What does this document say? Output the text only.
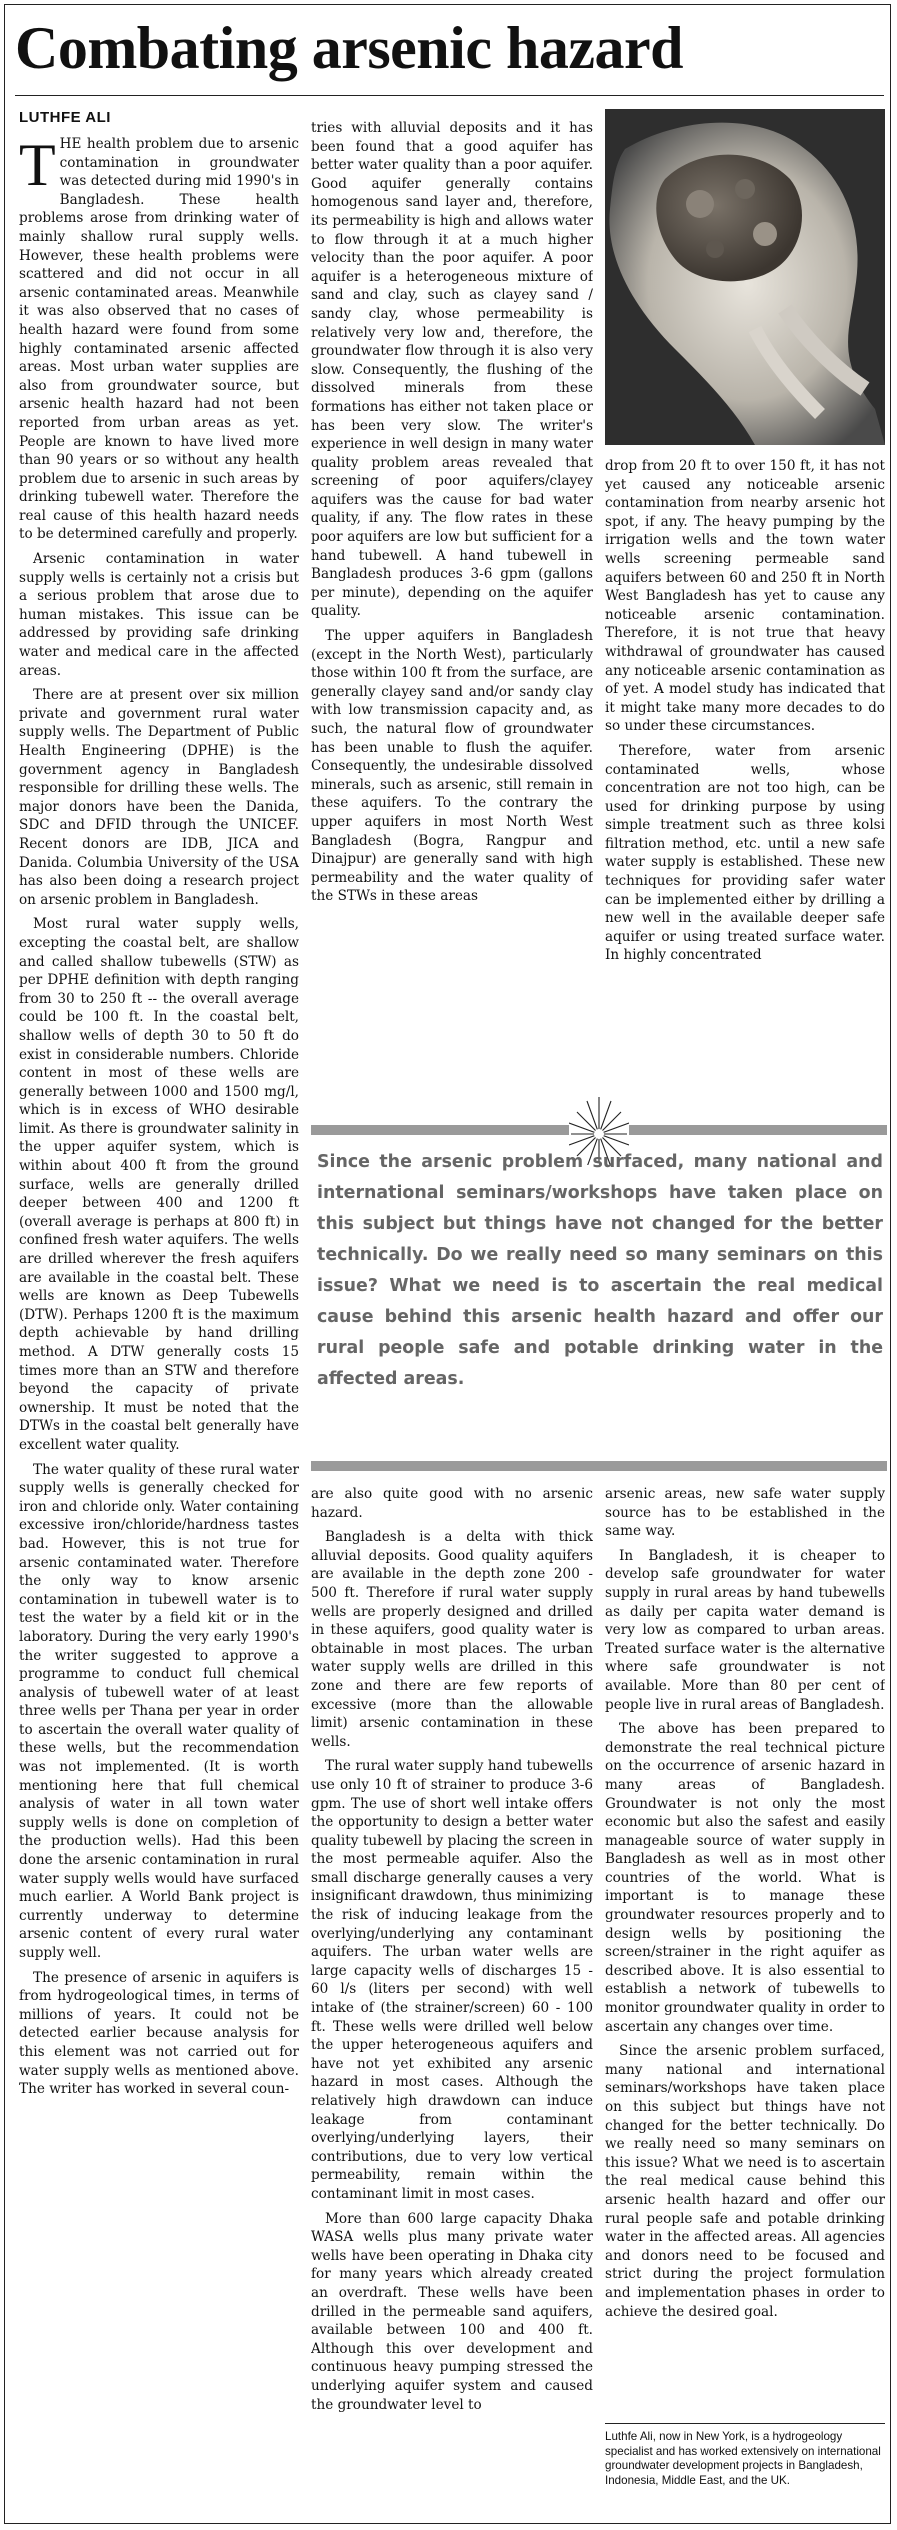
Combating arsenic hazard
LUTHFE ALI

THE health problem due to arsenic contamination in groundwater was detected during mid 1990's in Bangladesh. These health problems arose from drinking water of mainly shallow rural supply wells. However, these health problems were scattered and did not occur in all arsenic contaminated areas. Meanwhile it was also observed that no cases of health hazard were found from some highly contaminated arsenic affected areas. Most urban water supplies are also from groundwater source, but arsenic health hazard had not been reported from urban areas as yet. People are known to have lived more than 90 years or so without any health problem due to arsenic in such areas by drinking tubewell water. Therefore the real cause of this health hazard needs to be determined carefully and properly.

Arsenic contamination in water supply wells is certainly not a crisis but a serious problem that arose due to human mistakes. This issue can be addressed by providing safe drinking water and medical care in the affected areas.

There are at present over six million private and government rural water supply wells. The Department of Public Health Engineering (DPHE) is the government agency in Bangladesh responsible for drilling these wells. The major donors have been the Danida, SDC and DFID through the UNICEF. Recent donors are IDB, JICA and Danida. Columbia University of the USA has also been doing a research project on arsenic problem in Bangladesh.

Most rural water supply wells, excepting the coastal belt, are shallow and called shallow tubewells (STW) as per DPHE definition with depth ranging from 30 to 250 ft -- the overall average could be 100 ft. In the coastal belt, shallow wells of depth 30 to 50 ft do exist in considerable numbers. Chloride content in most of these wells are generally between 1000 and 1500 mg/l, which is in excess of WHO desirable limit. As there is groundwater salinity in the upper aquifer system, which is within about 400 ft from the ground surface, wells are generally drilled deeper between 400 and 1200 ft (overall average is perhaps at 800 ft) in confined fresh water aquifers. The wells are drilled wherever the fresh aquifers are available in the coastal belt. These wells are known as Deep Tubewells (DTW). Perhaps 1200 ft is the maximum depth achievable by hand drilling method. A DTW generally costs 15 times more than an STW and therefore beyond the capacity of private ownership. It must be noted that the DTWs in the coastal belt generally have excellent water quality.

The water quality of these rural water supply wells is generally checked for iron and chloride only. Water containing excessive iron/chloride/hardness tastes bad. However, this is not true for arsenic contaminated water. Therefore the only way to know arsenic contamination in tubewell water is to test the water by a field kit or in the laboratory. During the very early 1990's the writer suggested to approve a programme to conduct full chemical analysis of tubewell water of at least three wells per Thana per year in order to ascertain the overall water quality of these wells, but the recommendation was not implemented. (It is worth mentioning here that full chemical analysis of water in all town water supply wells is done on completion of the production wells). Had this been done the arsenic contamination in rural water supply wells would have surfaced much earlier. A World Bank project is currently underway to determine arsenic content of every rural water supply well.

The presence of arsenic in aquifers is from hydrogeological times, in terms of millions of years. It could not be detected earlier because analysis for this element was not carried out for water supply wells as mentioned above. The writer has worked in several coun-

tries with alluvial deposits and it has been found that a good aquifer has better water quality than a poor aquifer. Good aquifer generally contains homogenous sand layer and, therefore, its permeability is high and allows water to flow through it at a much higher velocity than the poor aquifer. A poor aquifer is a heterogeneous mixture of sand and clay, such as clayey sand / sandy clay, whose permeability is relatively very low and, therefore, the groundwater flow through it is also very slow. Consequently, the flushing of the dissolved minerals from these formations has either not taken place or has been very slow. The writer's experience in well design in many water quality problem areas revealed that screening of poor aquifers/clayey aquifers was the cause for bad water quality, if any. The flow rates in these poor aquifers are low but sufficient for a hand tubewell. A hand tubewell in Bangladesh produces 3-6 gpm (gallons per minute), depending on the aquifer quality.

The upper aquifers in Bangladesh (except in the North West), particularly those within 100 ft from the surface, are generally clayey sand and/or sandy clay with low transmission capacity and, as such, the natural flow of groundwater has been unable to flush the aquifer. Consequently, the undesirable dissolved minerals, such as arsenic, still remain in these aquifers. To the contrary the upper aquifers in most North West Bangladesh (Bogra, Rangpur and Dinajpur) are generally sand with high permeability and the water quality of the STWs in these areas

drop from 20 ft to over 150 ft, it has not yet caused any noticeable arsenic contamination from nearby arsenic hot spot, if any. The heavy pumping by the irrigation wells and the town water wells screening permeable sand aquifers between 60 and 250 ft in North West Bangladesh has yet to cause any noticeable arsenic contamination. Therefore, it is not true that heavy withdrawal of groundwater has caused any noticeable arsenic contamination as of yet. A model study has indicated that it might take many more decades to do so under these circumstances.

Therefore, water from arsenic contaminated wells, whose concentration are not too high, can be used for drinking purpose by using simple treatment such as three kolsi filtration method, etc. until a new safe water supply is established. These new techniques for providing safer water can be implemented either by drilling a new well in the available deeper safe aquifer or using treated surface water. In highly concentrated

Since the arsenic problem surfaced, many national and international seminars/workshops have taken place on this subject but things have not changed for the better technically. Do we really need so many seminars on this issue? What we need is to ascertain the real medical cause behind this arsenic health hazard and offer our rural people safe and potable drinking water in the affected areas.

are also quite good with no arsenic hazard.

Bangladesh is a delta with thick alluvial deposits. Good quality aquifers are available in the depth zone 200 - 500 ft. Therefore if rural water supply wells are properly designed and drilled in these aquifers, good quality water is obtainable in most places. The urban water supply wells are drilled in this zone and there are few reports of excessive (more than the allowable limit) arsenic contamination in these wells.

The rural water supply hand tubewells use only 10 ft of strainer to produce 3-6 gpm. The use of short well intake offers the opportunity to design a better water quality tubewell by placing the screen in the most permeable aquifer. Also the small discharge generally causes a very insignificant drawdown, thus minimizing the risk of inducing leakage from the overlying/underlying any contaminant aquifers. The urban water wells are large capacity wells of discharges 15 - 60 l/s (liters per second) with well intake of (the strainer/screen) 60 - 100 ft. These wells were drilled well below the upper heterogeneous aquifers and have not yet exhibited any arsenic hazard in most cases. Although the relatively high drawdown can induce leakage from contaminant overlying/underlying layers, their contributions, due to very low vertical permeability, remain within the contaminant limit in most cases.

More than 600 large capacity Dhaka WASA wells plus many private water wells have been operating in Dhaka city for many years which already created an overdraft. These wells have been drilled in the permeable sand aquifers, available between 100 and 400 ft. Although this over development and continuous heavy pumping stressed the underlying aquifer system and caused the groundwater level to

arsenic areas, new safe water supply source has to be established in the same way.

In Bangladesh, it is cheaper to develop safe groundwater for water supply in rural areas by hand tubewells as daily per capita water demand is very low as compared to urban areas. Treated surface water is the alternative where safe groundwater is not available. More than 80 per cent of people live in rural areas of Bangladesh.

The above has been prepared to demonstrate the real technical picture on the occurrence of arsenic hazard in many areas of Bangladesh. Groundwater is not only the most economic but also the safest and easily manageable source of water supply in Bangladesh as well as in most other countries of the world. What is important is to manage these groundwater resources properly and to design wells by positioning the screen/strainer in the right aquifer as described above. It is also essential to establish a network of tubewells to monitor groundwater quality in order to ascertain any changes over time.

Since the arsenic problem surfaced, many national and international seminars/workshops have taken place on this subject but things have not changed for the better technically. Do we really need so many seminars on this issue? What we need is to ascertain the real medical cause behind this arsenic health hazard and offer our rural people safe and potable drinking water in the affected areas. All agencies and donors need to be focused and strict during the project formulation and implementation phases in order to achieve the desired goal.

Luthfe Ali, now in New York, is a hydrogeology specialist and has worked extensively on international groundwater development projects in Bangladesh, Indonesia, Middle East, and the UK.
